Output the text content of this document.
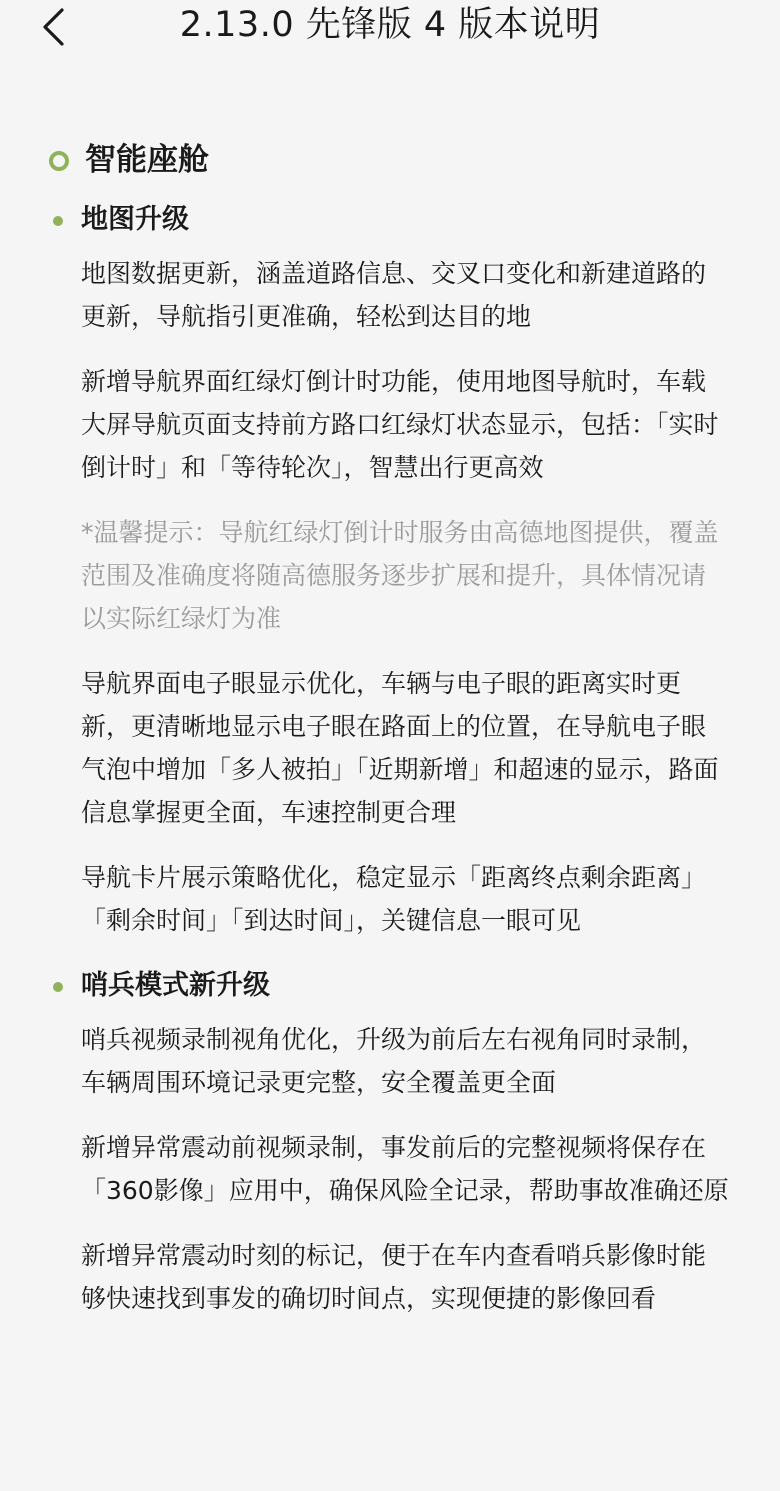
2.13.0 先锋版 4 版本说明
智能座舱
地图升级

地图数据更新，涵盖道路信息、交叉口变化和新建道路的更新，导航指引更准确，轻松到达目的地

新增导航界面红绿灯倒计时功能，使用地图导航时，车载大屏导航页面支持前方路口红绿灯状态显示，包括：「实时倒计时」和「等待轮次」，智慧出行更高效

*温馨提示：导航红绿灯倒计时服务由高德地图提供，覆盖范围及准确度将随高德服务逐步扩展和提升，具体情况请以实际红绿灯为准

导航界面电子眼显示优化，车辆与电子眼的距离实时更新，更清晰地显示电子眼在路面上的位置，在导航电子眼气泡中增加「多人被拍」「近期新增」和超速的显示，路面信息掌握更全面，车速控制更合理

导航卡片展示策略优化，稳定显示「距离终点剩余距离」「剩余时间」「到达时间」，关键信息一眼可见

哨兵模式新升级

哨兵视频录制视角优化，升级为前后左右视角同时录制，车辆周围环境记录更完整，安全覆盖更全面

新增异常震动前视频录制，事发前后的完整视频将保存在「360影像」应用中，确保风险全记录，帮助事故准确还原

新增异常震动时刻的标记，便于在车内查看哨兵影像时能够快速找到事发的确切时间点，实现便捷的影像回看
